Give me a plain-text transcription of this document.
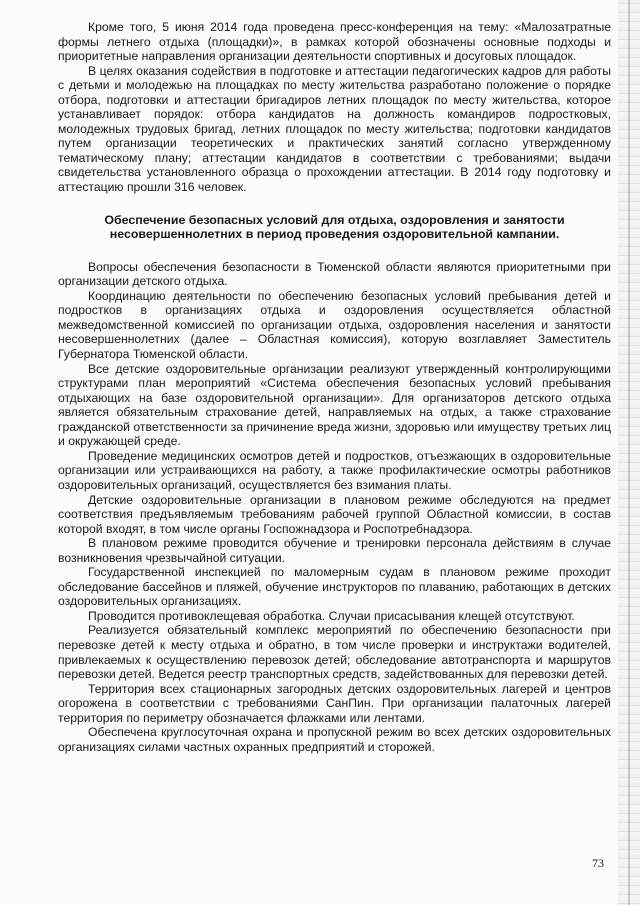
Кроме того, 5 июня 2014 года проведена пресс-конференция на тему: «Малозатратные формы летнего отдыха (площадки)», в рамках которой обозначены основные подходы и приоритетные направления организации деятельности спортивных и досуговых площадок.

В целях оказания содействия в подготовке и аттестации педагогических кадров для работы с детьми и молодежью на площадках по месту жительства разработано положение о порядке отбора, подготовки и аттестации бригадиров летних площадок по месту жительства, которое устанавливает порядок: отбора кандидатов на должность командиров подростковых, молодежных трудовых бригад, летних площадок по месту жительства; подготовки кандидатов путем организации теоретических и практических занятий согласно утвержденному тематическому плану; аттестации кандидатов в соответствии с требованиями; выдачи свидетельства установленного образца о прохождении аттестации. В 2014 году подготовку и аттестацию прошли 316 человек.

Обеспечение безопасных условий для отдыха, оздоровления и занятости несовершеннолетних в период проведения оздоровительной кампании.

Вопросы обеспечения безопасности в Тюменской области являются приоритетными при организации детского отдыха.

Координацию деятельности по обеспечению безопасных условий пребывания детей и подростков в организациях отдыха и оздоровления осуществляется областной межведомственной комиссией по организации отдыха, оздоровления населения и занятости несовершеннолетних (далее – Областная комиссия), которую возглавляет Заместитель Губернатора Тюменской области.

Все детские оздоровительные организации реализуют утвержденный контролирующими структурами план мероприятий «Система обеспечения безопасных условий пребывания отдыхающих на базе оздоровительной организации». Для организаторов детского отдыха является обязательным страхование детей, направляемых на отдых, а также страхование гражданской ответственности за причинение вреда жизни, здоровью или имуществу третьих лиц и окружающей среде.

Проведение медицинских осмотров детей и подростков, отъезжающих в оздоровительные организации или устраивающихся на работу, а также профилактические осмотры работников оздоровительных организаций, осуществляется без взимания платы.

Детские оздоровительные организации в плановом режиме обследуются на предмет соответствия предъявляемым требованиям рабочей группой Областной комиссии, в состав которой входят, в том числе органы Госпожнадзора и Роспотребнадзора.

В плановом режиме проводится обучение и тренировки персонала действиям в случае возникновения чрезвычайной ситуации.

Государственной инспекцией по маломерным судам в плановом режиме проходит обследование бассейнов и пляжей, обучение инструкторов по плаванию, работающих в детских оздоровительных организациях.

Проводится противоклещевая обработка. Случаи присасывания клещей отсутствуют.

Реализуется обязательный комплекс мероприятий по обеспечению безопасности при перевозке детей к месту отдыха и обратно, в том числе проверки и инструктажи водителей, привлекаемых к осуществлению перевозок детей; обследование автотранспорта и маршрутов перевозки детей. Ведется реестр транспортных средств, задействованных для перевозки детей.

Территория всех стационарных загородных детских оздоровительных лагерей и центров огорожена в соответствии с требованиями СанПин. При организации палаточных лагерей территория по периметру обозначается флажками или лентами.

Обеспечена круглосуточная охрана и пропускной режим во всех детских оздоровительных организациях силами частных охранных предприятий и сторожей.

73
